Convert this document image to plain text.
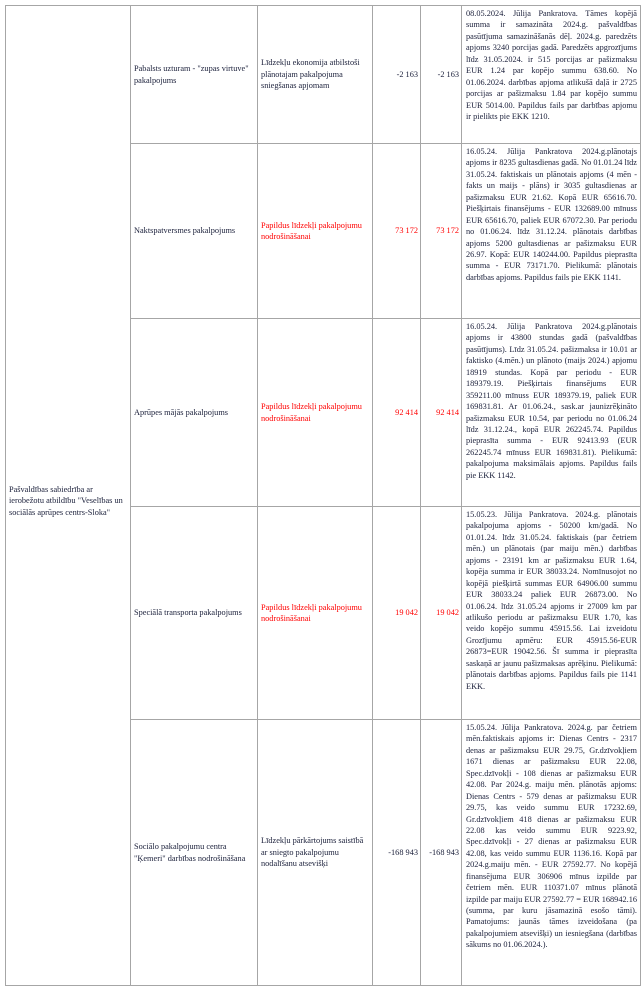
Pašvaldības sabiedrība ar ierobežotu atbildību "Veselības un sociālās aprūpes centrs-Sloka"	Pabalsts uzturam - "zupas virtuve" pakalpojums	Līdzekļu ekonomija atbilstoši plānotajam pakalpojuma sniegšanas apjomam	-2 163	-2 163	08.05.2024. Jūlija Pankratova. Tāmes kopējā summa ir samazināta 2024.g. pašvaldības pasūtījuma samazināšanās dēļ. 2024.g. paredzēts apjoms 3240 porcijas gadā. Paredzēts apgrozījums līdz 31.05.2024. ir 515 porcijas ar pašizmaksu EUR 1.24 par kopējo summu 638.60. No 01.06.2024. darbības apjoma atlikušā daļā ir 2725 porcijas ar pašizmaksu 1.84 par kopējo summu EUR 5014.00. Papildus fails par darbības apjomu ir pielikts pie EKK 1210.
	Naktspatversmes pakalpojums	Papildus līdzekļi pakalpojumu nodrošināšanai	73 172	73 172	16.05.24. Jūlija Pankratova 2024.g.plānotajs apjoms ir 8235 gultasdienas gadā. No 01.01.24 līdz 31.05.24. faktiskais un plānotais apjoms (4 mēn - fakts un maijs - plāns) ir 3035 gultasdienas ar pašizmaksu EUR 21.62. Kopā EUR 65616.70. Piešķirtais finansējums - EUR 132689.00 mīnuss EUR 65616.70, paliek EUR 67072.30. Par periodu no 01.06.24. līdz 31.12.24. plānotais darbības apjoms 5200 gultasdienas ar pašizmaksu EUR 26.97. Kopā: EUR 140244.00. Papildus pieprasīta summa - EUR 73171.70. Pielikumā: plānotais darbības apjoms. Papildus fails pie EKK 1141.
	Aprūpes mājās pakalpojums	Papildus līdzekļi pakalpojumu nodrošināšanai	92 414	92 414	16.05.24. Jūlija Pankratova 2024.g.plānotais apjoms ir 43800 stundas gadā (pašvaldības pasūtījums). Līdz 31.05.24. pašizmaksa ir 10.01 ar faktisko (4.mēn.) un plānoto (maijs 2024.) apjomu 18919 stundas. Kopā par periodu - EUR 189379.19. Piešķirtais finansējums EUR 359211.00 mīnuss EUR 189379.19, paliek EUR 169831.81. Ar 01.06.24., sask.ar jaunizrēķināto pašizmaksu EUR 10.54, par periodu no 01.06.24 līdz 31.12.24., kopā EUR 262245.74. Papildus pieprasīta summa - EUR 92413.93 (EUR 262245.74 mīnuss EUR 169831.81). Pielikumā: pakalpojuma maksimālais apjoms. Papildus fails pie EKK 1142.
	Speciālā transporta pakalpojums	Papildus līdzekļi pakalpojumu nodrošināšanai	19 042	19 042	15.05.23. Jūlija Pankratova. 2024.g. plānotais pakalpojuma apjoms - 50200 km/gadā. No 01.01.24. līdz 31.05.24. faktiskais (par četriem mēn.) un plānotais (par maiju mēn.) darbības apjoms - 23191 km ar pašizmaksu EUR 1.64, kopēja summa ir EUR 38033.24. Nomīnusojot no kopējā piešķirtā summas EUR 64906.00 summu EUR 38033.24 paliek EUR 26873.00. No 01.06.24. līdz 31.05.24 apjoms ir 27009 km par atlikušo periodu ar pašizmaksu EUR 1.70, kas veido kopējo summu 45915.56. Lai izveidotu Grozījumu apmēru: EUR 45915.56-EUR 26873=EUR 19042.56. Šī summa ir pieprasīta saskaņā ar jaunu pašizmaksas aprēķinu. Pielikumā: plānotais darbības apjoms. Papildus fails pie 1141 EKK.
	Sociālo pakalpojumu centra "Ķemeri" darbības nodrošināšana	Līdzekļu pārkārtojums saistībā ar sniegto pakalpojumu nodalīšanu atsevišķi	-168 943	-168 943	15.05.24. Jūlija Pankratova. 2024.g. par četriem mēn.faktiskais apjoms ir: Dienas Centrs - 2317 denas ar pašizmaksu EUR 29.75, Gr.dzīvokļiem 1671 dienas ar pašizmaksu EUR 22.08, Spec.dzīvokļi - 108 dienas ar pašizmaksu EUR 42.08. Par 2024.g. maiju mēn. plānotās apjoms: Dienas Centrs - 579 denas ar pašizmaksu EUR 29.75, kas veido summu EUR 17232.69, Gr.dzīvokļiem 418 dienas ar pašizmaksu EUR 22.08 kas veido summu EUR 9223.92, Spec.dzīvokļi - 27 dienas ar pašizmaksu EUR 42.08, kas veido summu EUR 1136.16. Kopā par 2024.g.maiju mēn. - EUR 27592.77. No kopējā finansējuma EUR 306906 mīnus izpilde par četriem mēn. EUR 110371.07 mīnus plānotā izpilde par maiju EUR 27592.77 = EUR 168942.16 (summa, par kuru jāsamazinā esošo tāmi). Pamatojums: jaunās tāmes izveidošana (pa pakalpojumiem atsevišķi) un iesniegšana (darbības sākums no 01.06.2024.).
